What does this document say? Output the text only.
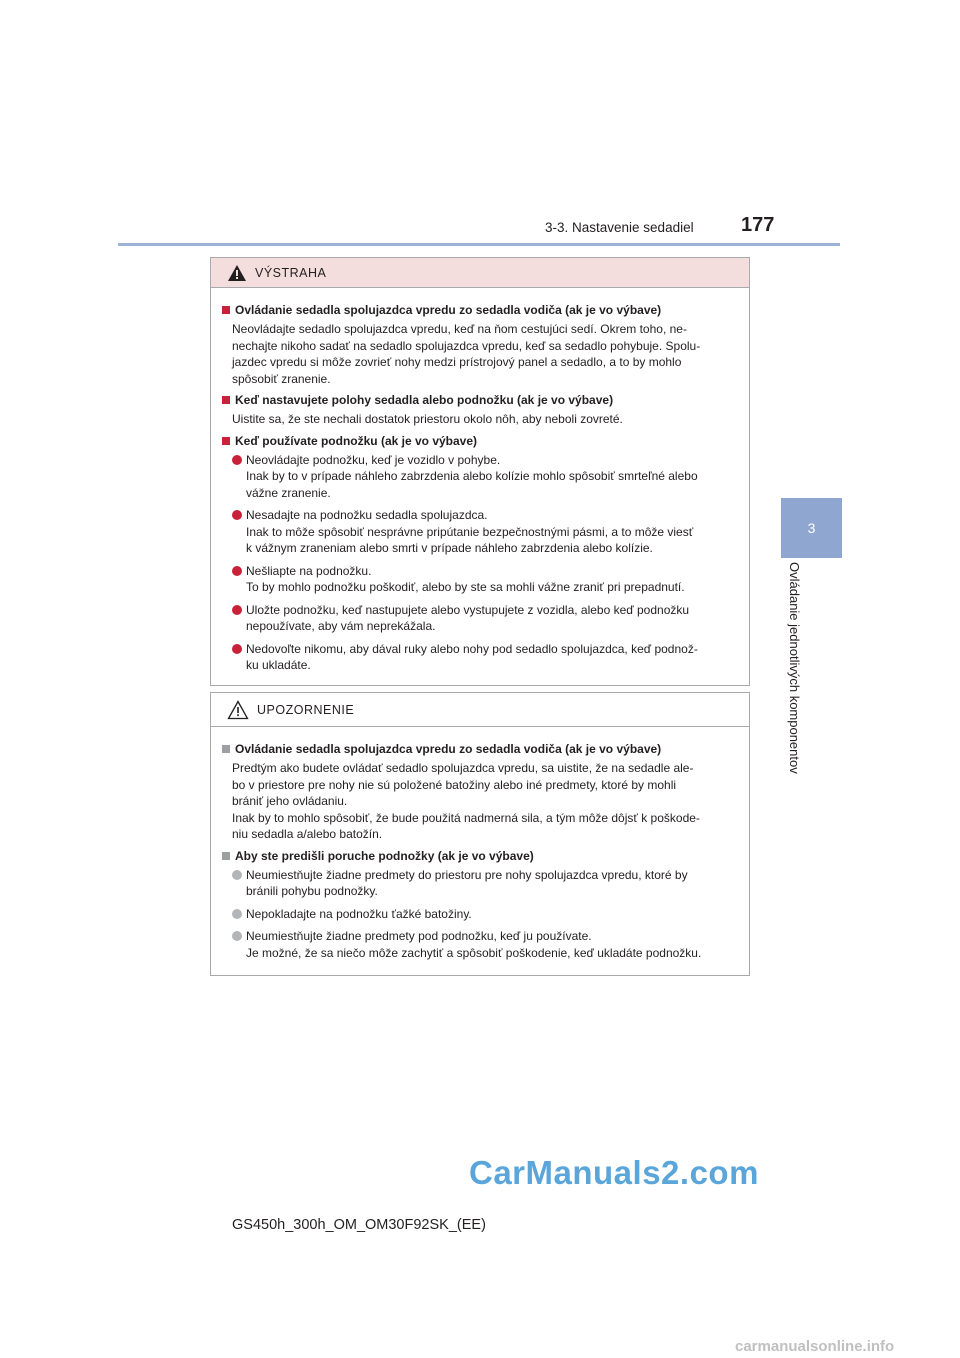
3-3. Nastavenie sedadiel 177
3
Ovládanie jednotlivých komponentov
VÝSTRAHA
Ovládanie sedadla spolujazdca vpredu zo sedadla vodiča (ak je vo výbave)
Neovládajte sedadlo spolujazdca vpredu, keď na ňom cestujúci sedí. Okrem toho, ne-
nechajte nikoho sadať na sedadlo spolujazdca vpredu, keď sa sedadlo pohybuje. Spolu-
jazdec vpredu si môže zovrieť nohy medzi prístrojový panel a sedadlo, a to by mohlo
spôsobiť zranenie.
Keď nastavujete polohy sedadla alebo podnožku (ak je vo výbave)
Uistite sa, že ste nechali dostatok priestoru okolo nôh, aby neboli zovreté.
Keď používate podnožku (ak je vo výbave)
Neovládajte podnožku, keď je vozidlo v pohybe.
Inak by to v prípade náhleho zabrzdenia alebo kolízie mohlo spôsobiť smrteľné alebo
vážne zranenie.
Nesadajte na podnožku sedadla spolujazdca.
Inak to môže spôsobiť nesprávne pripútanie bezpečnostnými pásmi, a to môže viesť
k vážnym zraneniam alebo smrti v prípade náhleho zabrzdenia alebo kolízie.
Nešliapte na podnožku.
To by mohlo podnožku poškodiť, alebo by ste sa mohli vážne zraniť pri prepadnutí.
Uložte podnožku, keď nastupujete alebo vystupujete z vozidla, alebo keď podnožku
nepoužívate, aby vám neprekážala.
Nedovoľte nikomu, aby dával ruky alebo nohy pod sedadlo spolujazdca, keď podnož-
ku ukladáte.
UPOZORNENIE
Ovládanie sedadla spolujazdca vpredu zo sedadla vodiča (ak je vo výbave)
Predtým ako budete ovládať sedadlo spolujazdca vpredu, sa uistite, že na sedadle ale-
bo v priestore pre nohy nie sú položené batožiny alebo iné predmety, ktoré by mohli
brániť jeho ovládaniu.
Inak by to mohlo spôsobiť, že bude použitá nadmerná sila, a tým môže dôjsť k poškode-
niu sedadla a/alebo batožín.
Aby ste predišli poruche podnožky (ak je vo výbave)
Neumiestňujte žiadne predmety do priestoru pre nohy spolujazdca vpredu, ktoré by
bránili pohybu podnožky.
Nepokladajte na podnožku ťažké batožiny.
Neumiestňujte žiadne predmety pod podnožku, keď ju používate.
Je možné, že sa niečo môže zachytiť a spôsobiť poškodenie, keď ukladáte podnožku.
CarManuals2.com
GS450h_300h_OM_OM30F92SK_(EE)
carmanualsonline.info
